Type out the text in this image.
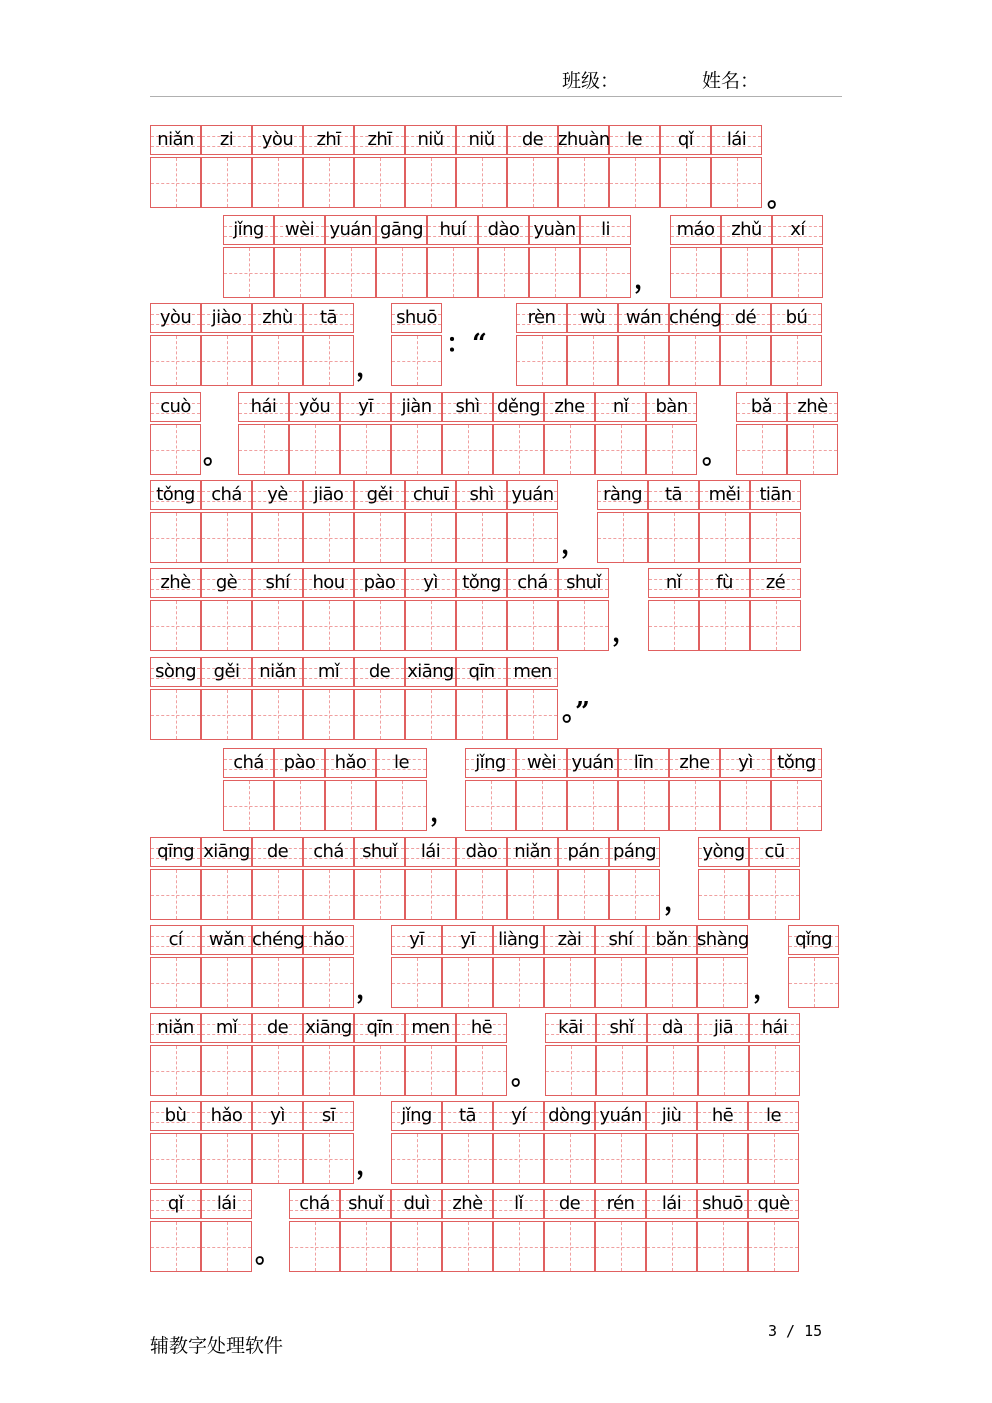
班级：	姓名：
niǎn	zi	yòu	zhī	zhī	niǔ	niǔ	de zhuàn le	qǐ	lái
。
jǐng	wèi yuán gāng huí	dào yuàn	li
，
máo zhǔ	xí
yòu	jiào	zhù	tā
，
shuō
：“
rèn	wù	wán chéng dé	bú
cuò
。
hái	yǒu	yī	jiàn	shì děng zhe	nǐ	bàn
。
bǎ	zhè
tǒng chá	yè	jiāo	gěi	chuī	shì yuán
，
ràng	tā	měi	tiān
zhè	gè	shí	hou	pào	yì	tǒng chá	shuǐ
，
nǐ	fù	zé
sòng gěi	niǎn	mǐ	de xiāng qīn	men
。”
chá	pào	hǎo	le
，
jǐng	wèi yuán	līn	zhe	yì	tǒng
qīng xiāng de	chá	shuǐ	lái	dào niǎn pán páng
，
yòng	cū
cí	wǎn chéng hǎo
，
yī	yī	liàng	zài	shí	bǎn shàng
，
qǐng
niǎn	mǐ	de xiāng qīn	men	hē
。
kāi	shǐ	dà	jiā	hái
bù	hǎo	yì	sī
，
jǐng	tā	yí	dòng yuán	jiù	hē	le
qǐ	lái
。
chá	shuǐ	duì	zhè	lǐ	de	rén	lái	shuō què
辅教字处理软件
3 / 15
